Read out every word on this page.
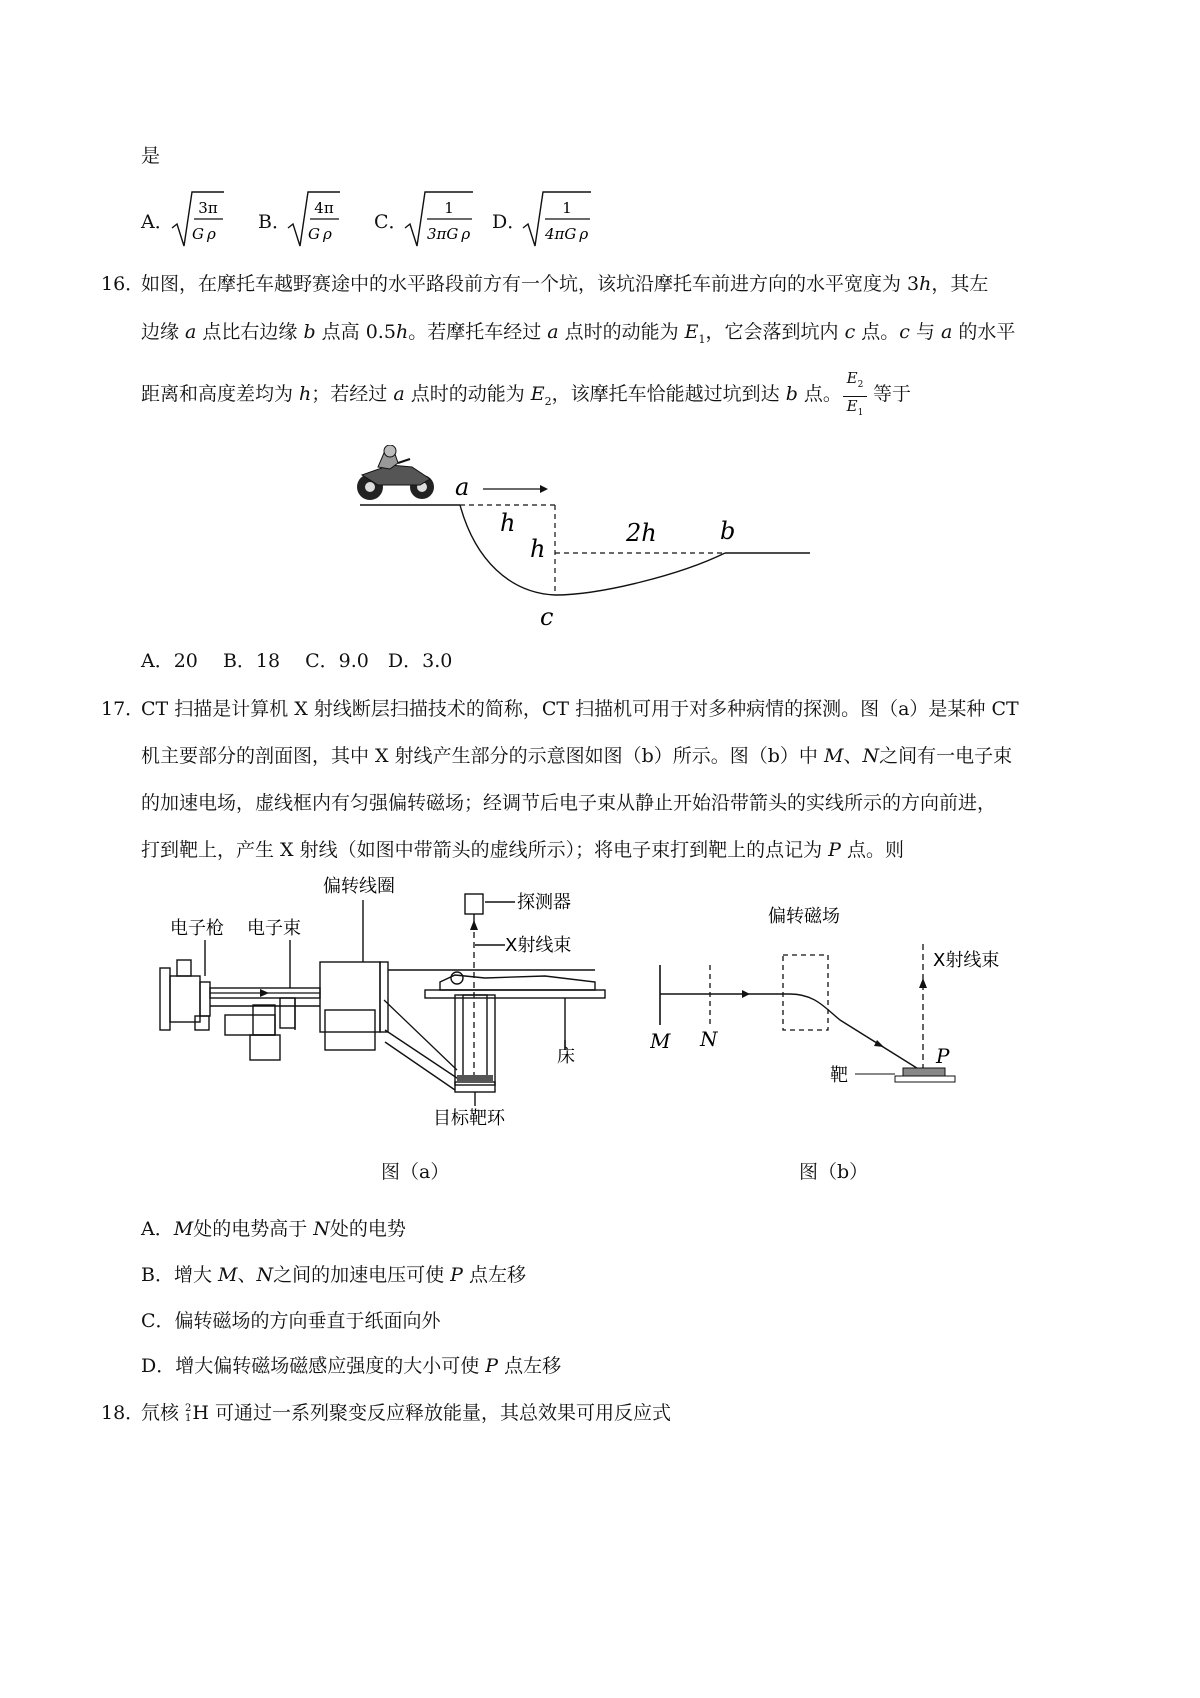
是
A．
3π
G ρ
B．
4π
G ρ
C．
1
3πG ρ
D．
1
4πG ρ
16．
如图，在摩托车越野赛途中的水平路段前方有一个坑，该坑沿摩托车前进方向的水平宽度为 3h，其左
边缘 a 点比右边缘 b 点高 0.5h。若摩托车经过 a 点时的动能为 $E_1$，它会落到坑内 c 点。c 与 a 的水平
距离和高度差均为 h；若经过 a 点时的动能为 $E_2$，该摩托车恰能越过坑到达 b 点。
$E_2$
$E_1$
等于
a
h
h
2h	b
c
A．20　 B．18　 C．9.0　D．3.0
17．
CT 扫描是计算机 X 射线断层扫描技术的简称，CT 扫描机可用于对多种病情的探测。图（a）是某种 CT
机主要部分的剖面图，其中 X 射线产生部分的示意图如图（b）所示。图（b）中 M、N之间有一电子束
的加速电场，虚线框内有匀强偏转磁场；经调节后电子束从静止开始沿带箭头的实线所示的方向前进，
打到靶上，产生 X 射线（如图中带箭头的虚线所示）；将电子束打到靶上的点记为 P 点。则
偏转线圈
探测器
电子枪 电子束
X射线束
床
目标靶环
图（a）
偏转磁场
X射线束
M N
P
靶
图（b）
A．M处的电势高于 N处的电势
B．增大 M、N之间的加速电压可使 P 点左移
C．偏转磁场的方向垂直于纸面向外
D．增大偏转磁场磁感应强度的大小可使 P 点左移
18．
氘核 2
1 H 可通过一系列聚变反应释放能量，其总效果可用反应式
